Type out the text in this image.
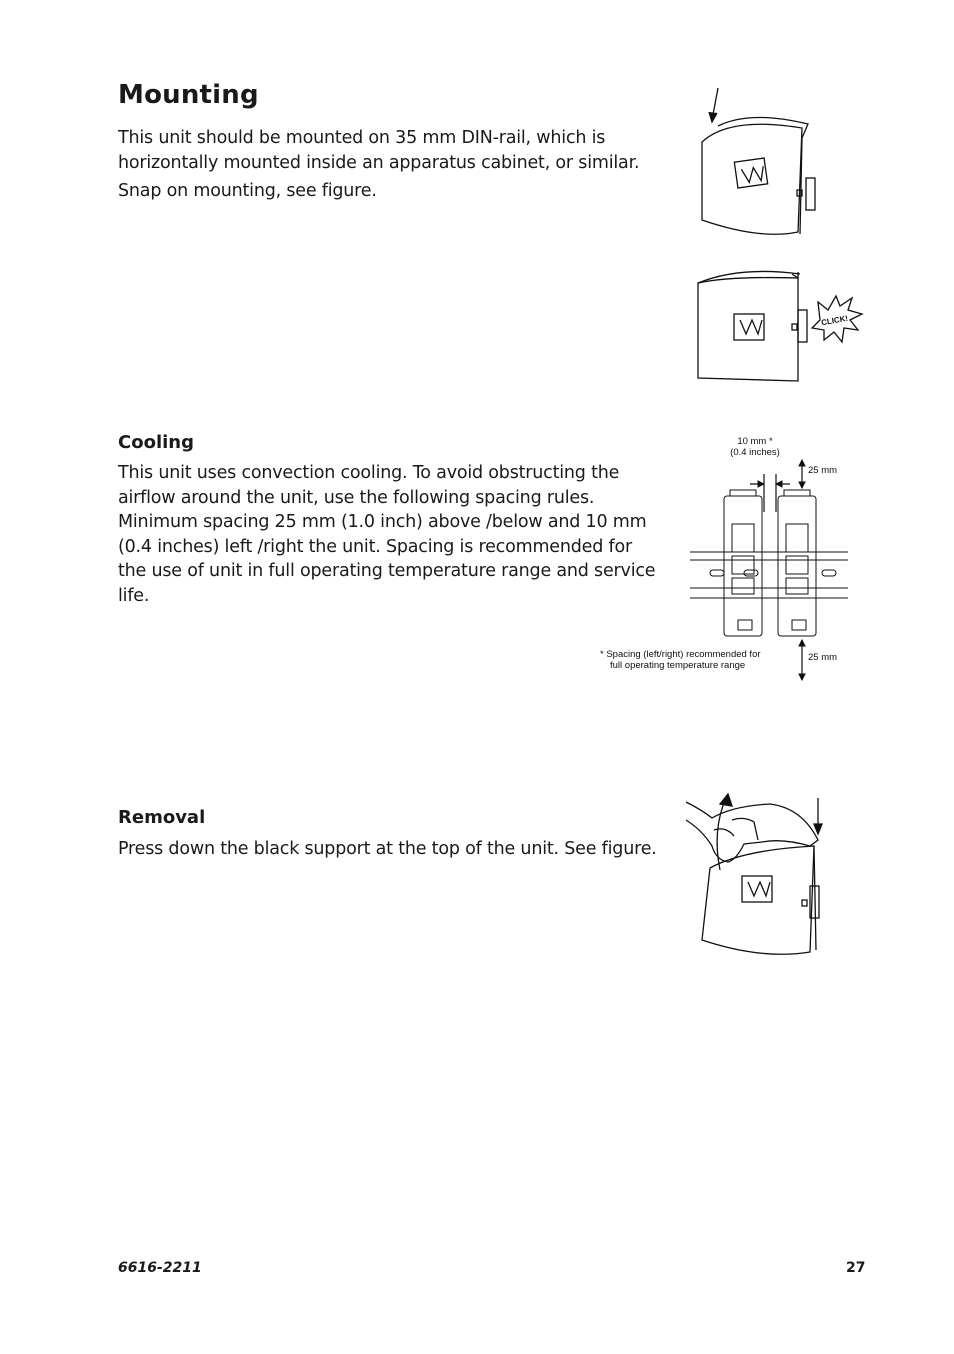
Mounting

This unit should be mounted on 35 mm DIN-rail, which is horizontally mounted inside an apparatus cabinet, or similar.

Snap on mounting, see figure.

CLICK!
Cooling

This unit uses convection cooling. To avoid obstructing the airflow around the unit, use the following spacing rules. Minimum spacing 25 mm (1.0 inch) above /below and 10 mm (0.4 inches) left /right the unit. Spacing is recommended for the use of unit in full operating temperature range and service life.

10 mm *
(0.4 inches)
25 mm
25 mm
* Spacing (left/right) recommended for
full operating temperature range
Removal

Press down the black support at the top of the unit. See figure.

6616-2211	27
